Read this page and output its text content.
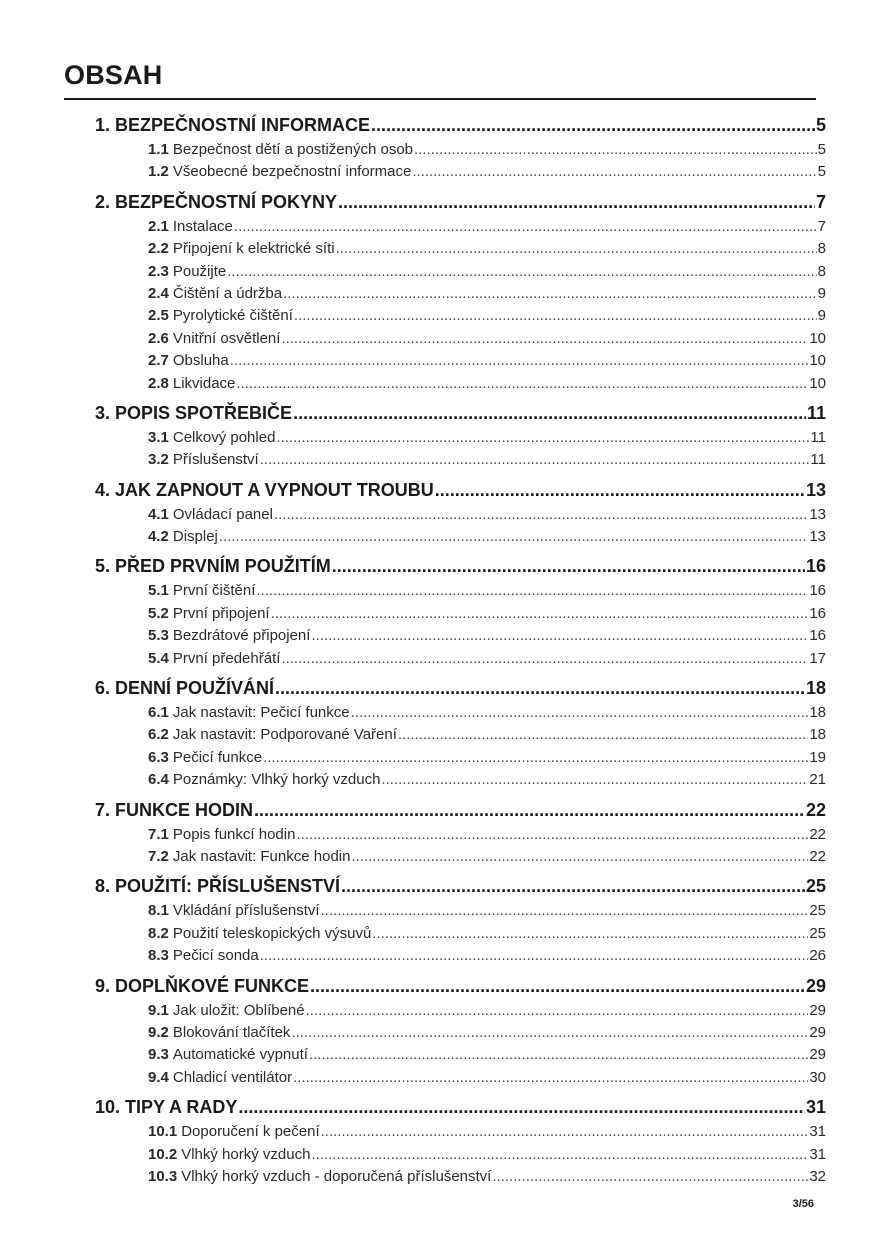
OBSAH
1. BEZPEČNOSTNÍ INFORMACE .....	5
1.1 Bezpečnost dětí a postižených osob .....	5
1.2 Všeobecné bezpečnostní informace .....	5
2. BEZPEČNOSTNÍ POKYNY .....	7
2.1 Instalace .....	7
2.2 Připojení k elektrické síti .....	8
2.3 Použijte .....	8
2.4 Čištění a údržba .....	9
2.5 Pyrolytické čištění .....	9
2.6 Vnitřní osvětlení .....	10
2.7 Obsluha .....	10
2.8 Likvidace .....	10
3. POPIS SPOTŘEBIČE .....	11
3.1 Celkový pohled .....	11
3.2 Příslušenství .....	11
4. JAK ZAPNOUT A VYPNOUT TROUBU .....	13
4.1 Ovládací panel .....	13
4.2 Displej .....	13
5. PŘED PRVNÍM POUŽITÍM .....	16
5.1 První čištění .....	16
5.2 První připojení .....	16
5.3 Bezdrátové připojení .....	16
5.4 První předehřátí .....	17
6. DENNÍ POUŽÍVÁNÍ .....	18
6.1 Jak nastavit: Pečicí funkce .....	18
6.2 Jak nastavit: Podporované Vaření .....	18
6.3 Pečicí funkce .....	19
6.4 Poznámky: Vlhký horký vzduch .....	21
7. FUNKCE HODIN .....	22
7.1 Popis funkcí hodin .....	22
7.2 Jak nastavit: Funkce hodin .....	22
8. POUŽITÍ: PŘÍSLUŠENSTVÍ .....	25
8.1 Vkládání příslušenství .....	25
8.2 Použití teleskopických výsuvů .....	25
8.3 Pečicí sonda .....	26
9. DOPLŇKOVÉ FUNKCE .....	29
9.1 Jak uložit: Oblíbené .....	29
9.2 Blokování tlačítek .....	29
9.3 Automatické vypnutí .....	29
9.4 Chladicí ventilátor .....	30
10. TIPY A RADY .....	31
10.1 Doporučení k pečení .....	31
10.2 Vlhký horký vzduch .....	31
10.3 Vlhký horký vzduch - doporučená příslušenství .....	32
3/56
